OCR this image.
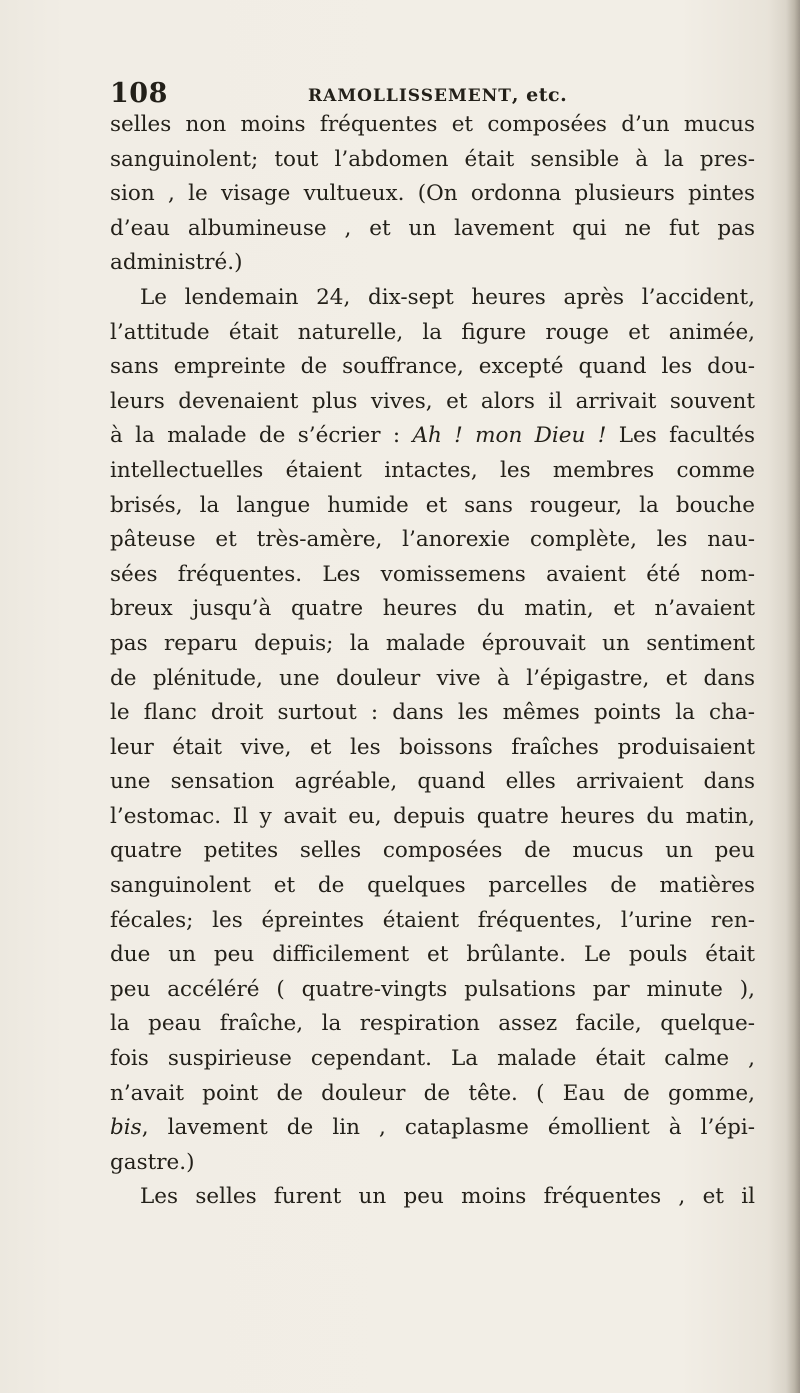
108	RAMOLLISSEMENT, etc.
selles non moins fréquentes et composées d’un mucus
sanguinolent; tout l’abdomen était sensible à la pres-
sion , le visage vultueux. (On ordonna plusieurs pintes
d’eau albumineuse , et un lavement qui ne fut pas
administré.)
Le lendemain 24, dix-sept heures après l’accident,
l’attitude était naturelle, la figure rouge et animée,
sans empreinte de souffrance, excepté quand les dou-
leurs devenaient plus vives, et alors il arrivait souvent
à la malade de s’écrier : Ah ! mon Dieu ! Les facultés
intellectuelles étaient intactes, les membres comme
brisés, la langue humide et sans rougeur, la bouche
pâteuse et très-amère, l’anorexie complète, les nau-
sées fréquentes. Les vomissemens avaient été nom-
breux jusqu’à quatre heures du matin, et n’avaient
pas reparu depuis; la malade éprouvait un sentiment
de plénitude, une douleur vive à l’épigastre, et dans
le flanc droit surtout : dans les mêmes points la cha-
leur était vive, et les boissons fraîches produisaient
une sensation agréable, quand elles arrivaient dans
l’estomac. Il y avait eu, depuis quatre heures du matin,
quatre petites selles composées de mucus un peu
sanguinolent et de quelques parcelles de matières
fécales; les épreintes étaient fréquentes, l’urine ren-
due un peu difficilement et brûlante. Le pouls était
peu accéléré ( quatre-vingts pulsations par minute ),
la peau fraîche, la respiration assez facile, quelque-
fois suspirieuse cependant. La malade était calme ,
n’avait point de douleur de tête. ( Eau de gomme,
bis, lavement de lin , cataplasme émollient à l’épi-
gastre.)
Les selles furent un peu moins fréquentes , et il
